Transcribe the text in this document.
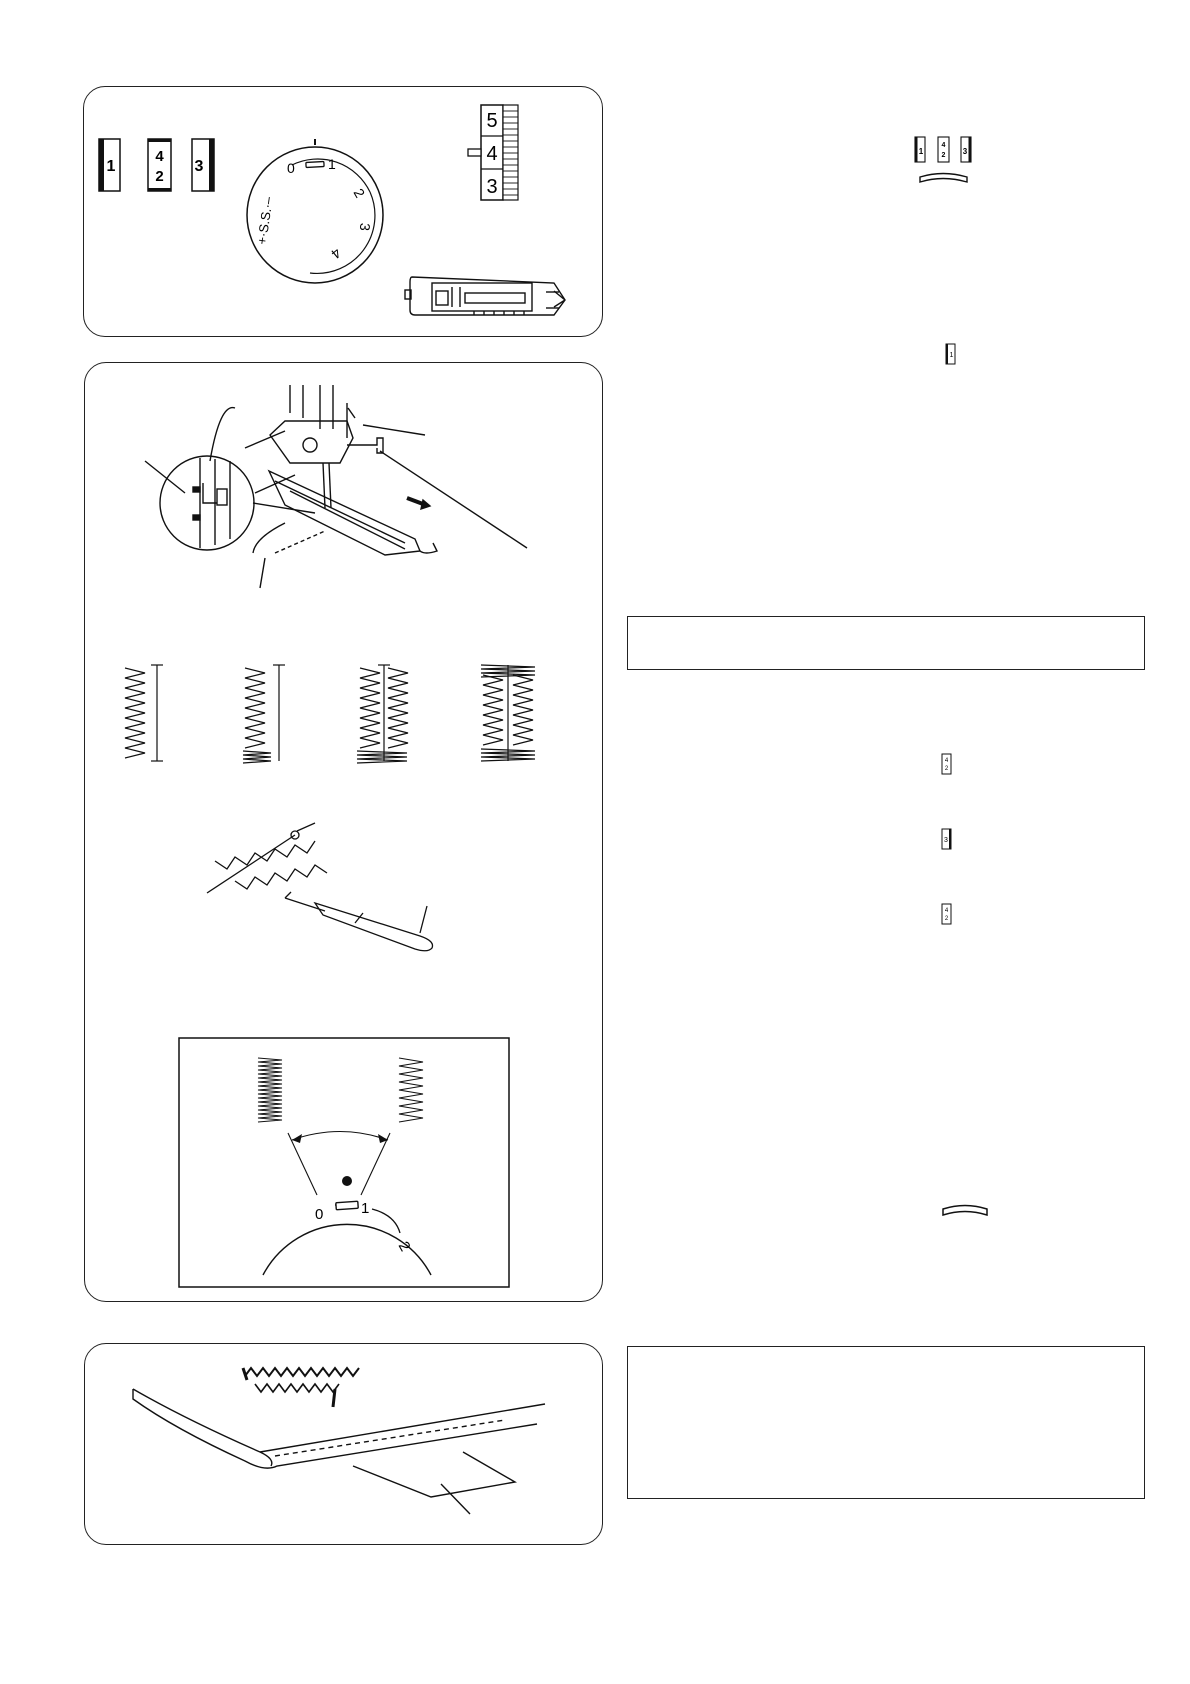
1
4
2
3	0 1
2
3
4
+·S.S.·–
5
4
3
0	1
2
1
4
2 3
1
4
2
3
4
2
